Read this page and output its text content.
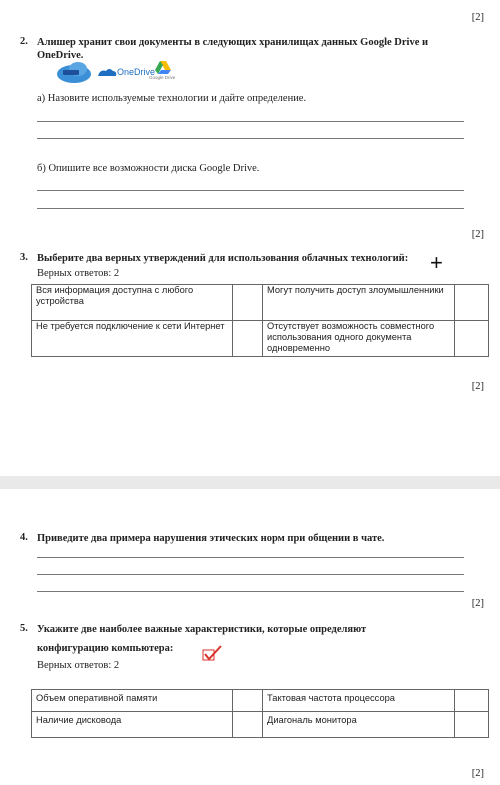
[2]
2. Алишер хранит свои документы в следующих хранилищах данных Google Drive и OneDrive.
OneDrive
Google Drive
а) Назовите используемые технологии и дайте определение.
б) Опишите все возможности диска Google Drive.
[2]
3. Выберите два верных утверждений для использования облачных технологий: +
Верных ответов: 2
Вся информация доступна с любого устройства		Могут получить доступ злоумышленники	

Не требуется подключение к сети Интернет		Отсутствует возможность совместного использования одного документа одновременно	

[2]
4. Приведите два примера нарушения этических норм при общении в чате.
[2]
5. Укажите две наиболее важные характеристики, которые определяют
конфигурацию компьютера:
Верных ответов: 2
Объем оперативной памяти		Тактовая частота процессора	

Наличие дисковода		Диагональ монитора	

[2]
